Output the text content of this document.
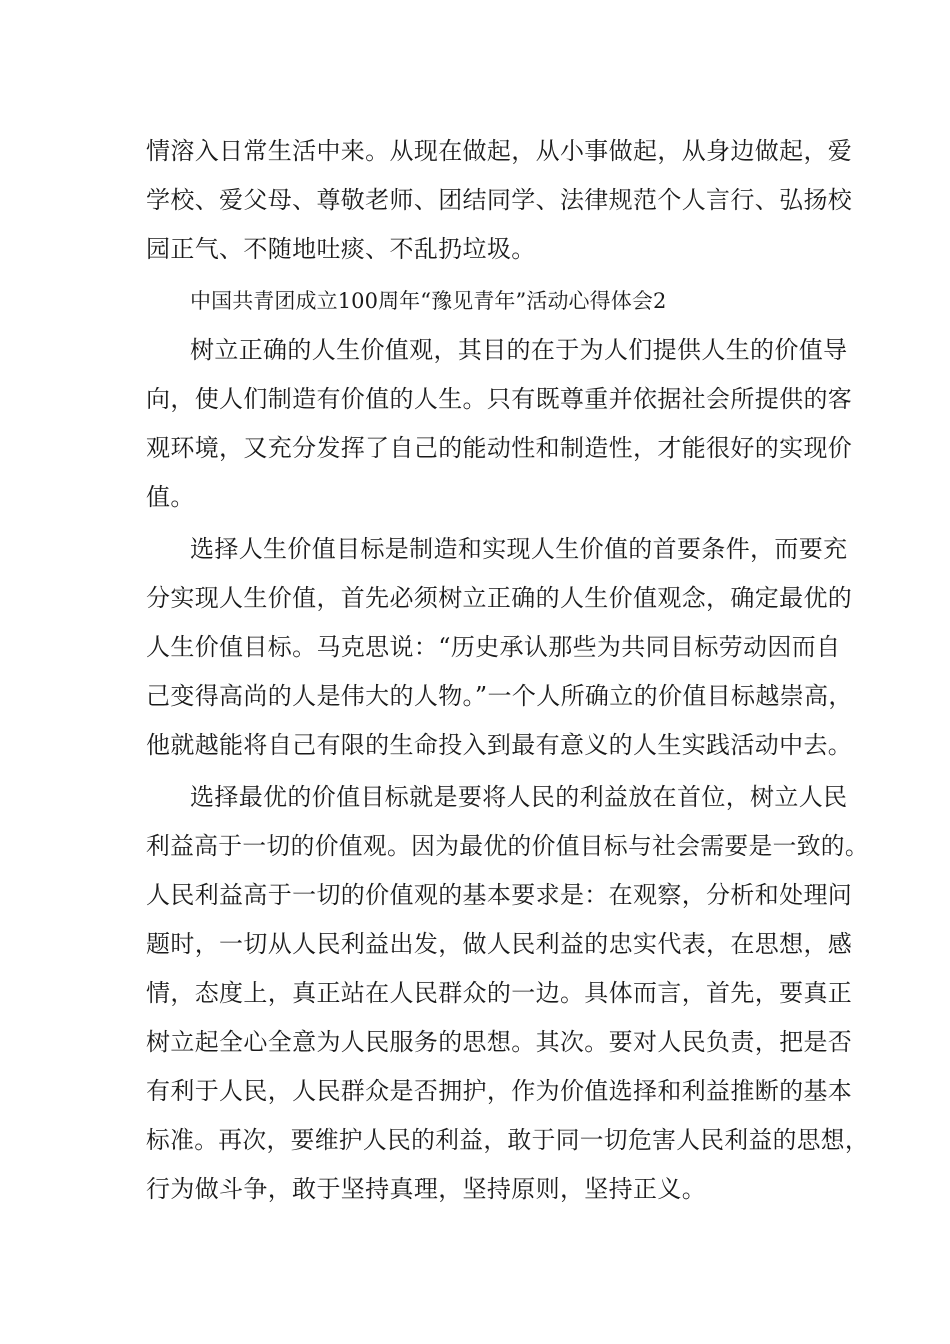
情溶入日常生活中来。从现在做起，从小事做起，从身边做起，爱
学校、爱父母、尊敬老师、团结同学、法律规范个人言行、弘扬校
园正气、不随地吐痰、不乱扔垃圾。
中国共青团成立100周年“豫见青年”活动心得体会2
树立正确的人生价值观，其目的在于为人们提供人生的价值导
向，使人们制造有价值的人生。只有既尊重并依据社会所提供的客
观环境，又充分发挥了自己的能动性和制造性，才能很好的实现价
值。
选择人生价值目标是制造和实现人生价值的首要条件，而要充
分实现人生价值，首先必须树立正确的人生价值观念，确定最优的
人生价值目标。马克思说：“历史承认那些为共同目标劳动因而自
己变得高尚的人是伟大的人物。”一个人所确立的价值目标越崇高，
他就越能将自己有限的生命投入到最有意义的人生实践活动中去。
选择最优的价值目标就是要将人民的利益放在首位，树立人民
利益高于一切的价值观。因为最优的价值目标与社会需要是一致的。
人民利益高于一切的价值观的基本要求是：在观察，分析和处理问
题时，一切从人民利益出发，做人民利益的忠实代表，在思想，感
情，态度上，真正站在人民群众的一边。具体而言，首先，要真正
树立起全心全意为人民服务的思想。其次。要对人民负责，把是否
有利于人民，人民群众是否拥护，作为价值选择和利益推断的基本
标准。再次，要维护人民的利益，敢于同一切危害人民利益的思想，
行为做斗争，敢于坚持真理，坚持原则，坚持正义。
